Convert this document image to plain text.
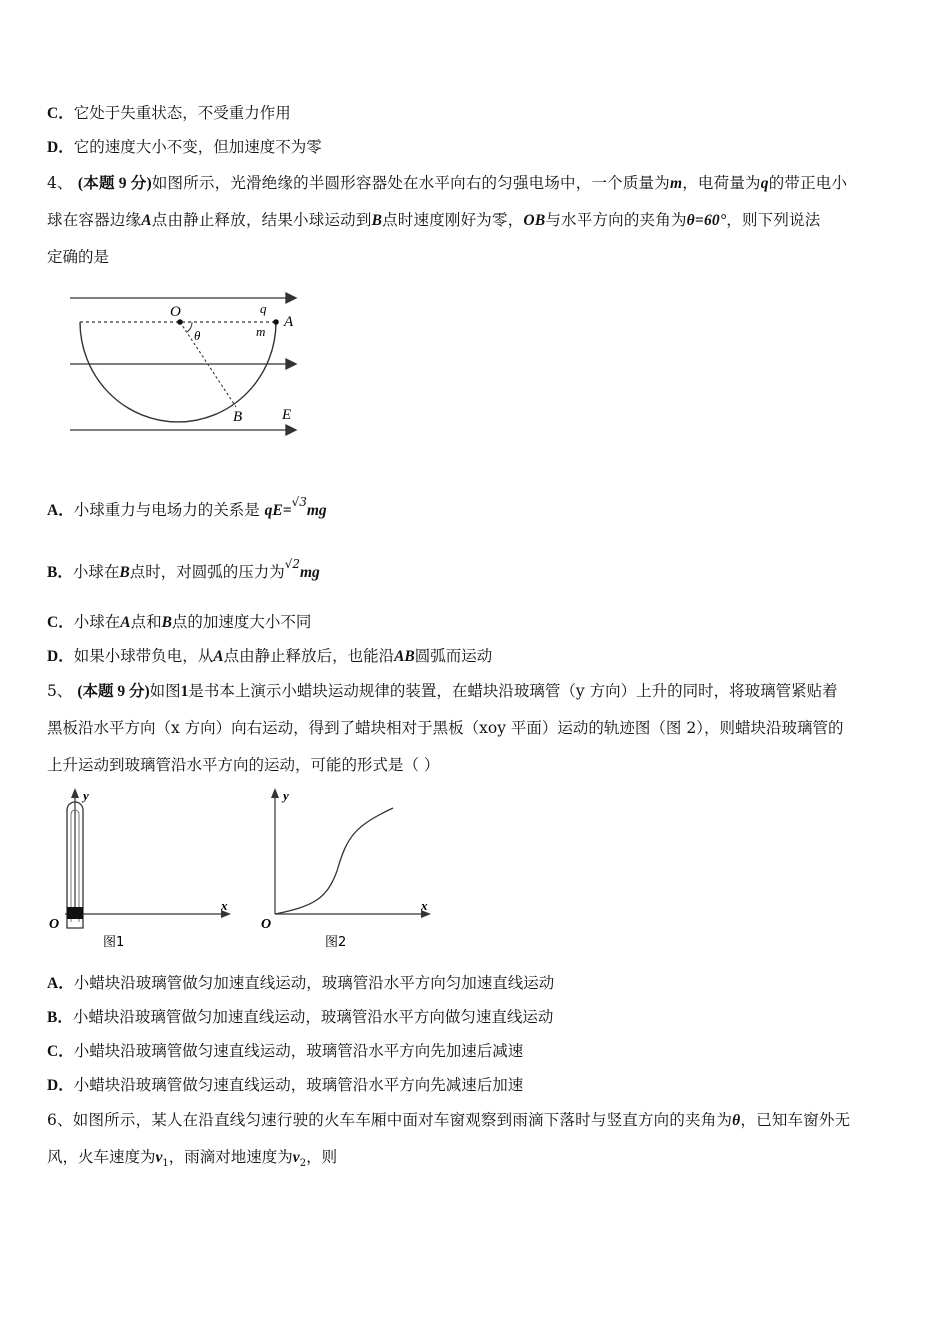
C．它处于失重状态，不受重力作用
D．它的速度大小不变，但加速度不为零
4、 (本题 9 分)如图所示，光滑绝缘的半圆形容器处在水平向右的匀强电场中，一个质量为m，电荷量为q的带正电小
球在容器边缘A点由静止释放，结果小球运动到B点时速度刚好为零，OB与水平方向的夹角为θ=60°，则下列说法
定确的是
O	q
m
A
θ
B	E
A．小球重力与电场力的关系是 qE=$^{√3}$mg
B．小球在B点时，对圆弧的压力为$^{√2}$mg
C．小球在A点和B点的加速度大小不同
D．如果小球带负电，从A点由静止释放后，也能沿AB圆弧而运动
5、 (本题 9 分)如图1是书本上演示小蜡块运动规律的装置，在蜡块沿玻璃管（y 方向）上升的同时，将玻璃管紧贴着
黑板沿水平方向（x 方向）向右运动，得到了蜡块相对于黑板（xoy 平面）运动的轨迹图（图 2），则蜡块沿玻璃管的
上升运动到玻璃管沿水平方向的运动，可能的形式是（ ）
y
x
O
图1
y
x
O
图2
A．小蜡块沿玻璃管做匀加速直线运动，玻璃管沿水平方向匀加速直线运动
B．小蜡块沿玻璃管做匀加速直线运动，玻璃管沿水平方向做匀速直线运动
C．小蜡块沿玻璃管做匀速直线运动，玻璃管沿水平方向先加速后减速
D．小蜡块沿玻璃管做匀速直线运动，玻璃管沿水平方向先减速后加速
6、如图所示，某人在沿直线匀速行驶的火车车厢中面对车窗观察到雨滴下落时与竖直方向的夹角为θ，已知车窗外无
风，火车速度为$v_1$，雨滴对地速度为$v_2$，则
